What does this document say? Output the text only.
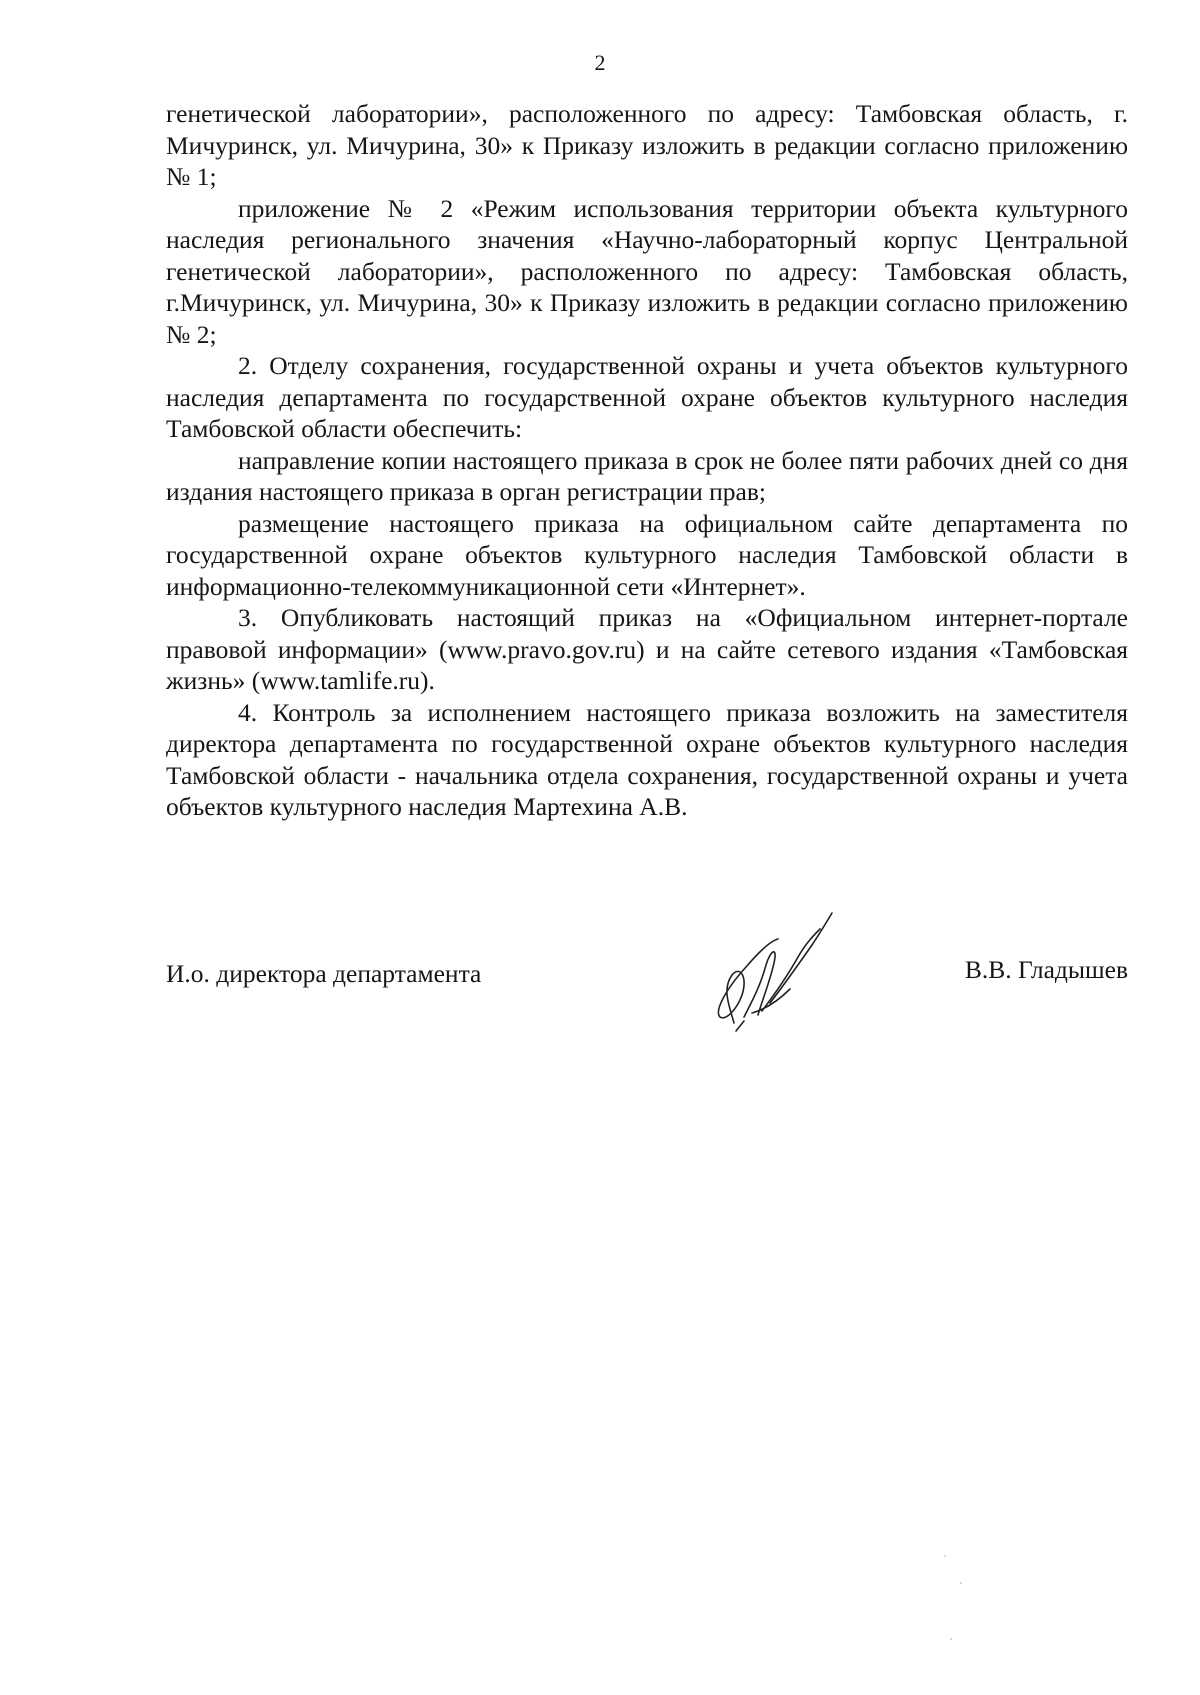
2

генетической лаборатории», расположенного по адресу: Тамбовская область, г. Мичуринск, ул. Мичурина, 30» к Приказу изложить в редакции согласно приложению № 1;

приложение № 2 «Режим использования территории объекта культурного наследия регионального значения «Научно-лабораторный корпус Центральной генетической лаборатории», расположенного по адресу: Тамбовская область, г.Мичуринск, ул. Мичурина, 30» к Приказу изложить в редакции согласно приложению № 2;

2. Отделу сохранения, государственной охраны и учета объектов культурного наследия департамента по государственной охране объектов культурного наследия Тамбовской области обеспечить:

направление копии настоящего приказа в срок не более пяти рабочих дней со дня издания настоящего приказа в орган регистрации прав;

размещение настоящего приказа на официальном сайте департамента по государственной охране объектов культурного наследия Тамбовской области в информационно-телекоммуникационной сети «Интернет».

3. Опубликовать настоящий приказ на «Официальном интернет-портале правовой информации» (www.pravo.gov.ru) и на сайте сетевого издания «Тамбовская жизнь» (www.tamlife.ru).

4. Контроль за исполнением настоящего приказа возложить на заместителя директора департамента по государственной охране объектов культурного наследия Тамбовской области - начальника отдела сохранения, государственной охраны и учета объектов культурного наследия Мартехина А.В.

И.о. директора департамента	В.В. Гладышев
